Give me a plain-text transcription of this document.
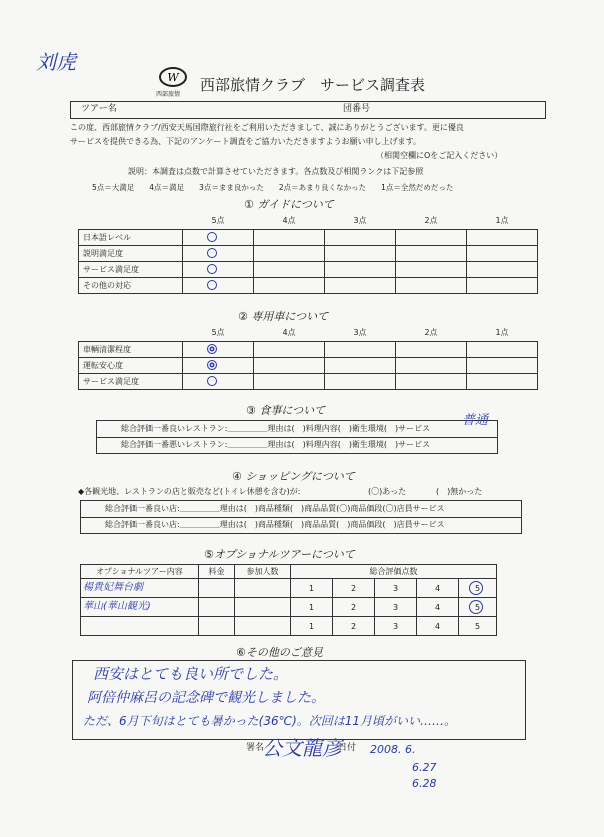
刘虎
W
西部旅情
西部旅情クラブ　サービス調査表
ツアー名	団番号
この度、西部旅情クラブ/西安天馬国際旅行社をご利用いただきまして、誠にありがとうございます。更に優良
サービスを提供できる為、下記のアンケート調査をご協力いただきますようお願い申し上げます。
（相関空欄にOをご記入ください）
説明：本調査は点数で計算させていただきます。各点数及び相関ランクは下記参照
5点＝大満足　　4点＝満足　　3点＝まま良かった　　2点＝あまり良くなかった　　1点＝全然だめだった
① ガイドについて
	5点	4点	3点	2点	1点
日本語レベル					
説明満足度					
サービス満足度					
その他の対応					
② 専用車について
	5点	4点	3点	2点	1点
車輌清潔程度					
運転安心度					
サービス満足度					
③ 食事について
総合評価一番良いレストラン:＿＿＿＿＿理由は(　)料理内容(　)衛生環境(　)サービス
総合評価一番悪いレストラン:＿＿＿＿＿理由は(　)料理内容(　)衛生環境(　)サービス
普通
④ ショッピングについて
◆各観光地、レストランの店と販売など(トイレ休憩を含む)が:	(〇)あった	(　)無かった
総合評価一番良い店:＿＿＿＿＿理由は(　)商品種類(　)商品品質(〇)商品価段(〇)店員サービス
総合評価一番良い店:＿＿＿＿＿理由は(　)商品種類(　)商品品質(　)商品価段(　)店員サービス
⑤オプショナルツアーについて
オプショナルツアー内容	料金	参加人数	総合評価点数				
楊貴妃舞台劇			1	2	3	4	5

華山(華山観光)			1	2	3	4	5

			1	2	3	4	5
⑥その他のご意見
西安はとても良い所でした。
阿倍仲麻呂の記念碑で観光しました。
ただ、6月下旬はとても暑かった(36℃)。次回は11月頃がいい……。
署名
公文龍彦
日付 2008. 6.
6.27
6.28
